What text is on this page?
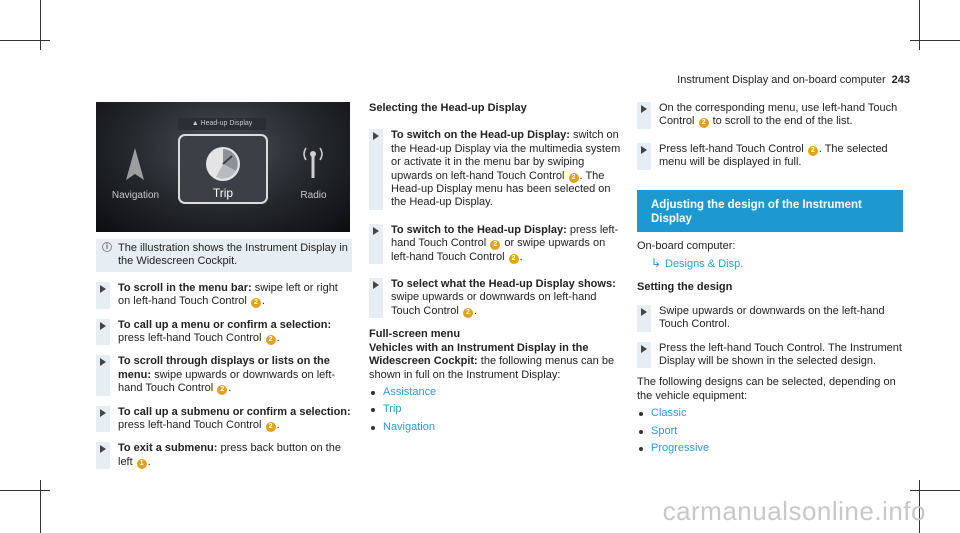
Instrument Display and on-board computer 243
▲ Head-up Display
Navigation	Trip	Radio
i The illustration shows the Instrument Display in the Widescreen Cockpit.
To scroll in the menu bar: swipe left or right on left-hand Touch Control 2 .
To call up a menu or confirm a selection: press left-hand Touch Control 2 .
To scroll through displays or lists on the menu: swipe upwards or downwards on left-hand Touch Control 2 .
To call up a submenu or confirm a selection: press left-hand Touch Control 2 .
To exit a submenu: press back button on the left 1 .
Selecting the Head-up Display
To switch on the Head-up Display: switch on the Head-up Display via the multimedia system or activate it in the menu bar by swiping upwards on left-hand Touch Control 2 . The Head-up Display menu has been selected on the Head-up Display.
To switch to the Head-up Display: press left-hand Touch Control 2 or swipe upwards on left-hand Touch Control 2 .
To select what the Head-up Display shows: swipe upwards or downwards on left-hand Touch Control 2 .
Full-screen menu
Vehicles with an Instrument Display in the Widescreen Cockpit: the following menus can be shown in full on the Instrument Display:
Assistance
Trip
Navigation
On the corresponding menu, use left-hand Touch Control 2 to scroll to the end of the list.
Press left-hand Touch Control 2 . The selected menu will be displayed in full.
Adjusting the design of the Instrument Display
On-board computer:
↳ Designs & Disp.
Setting the design
Swipe upwards or downwards on the left-hand Touch Control.
Press the left-hand Touch Control. The Instrument Display will be shown in the selected design.
The following designs can be selected, depending on the vehicle equipment:
Classic
Sport
Progressive
carmanualsonline.info
